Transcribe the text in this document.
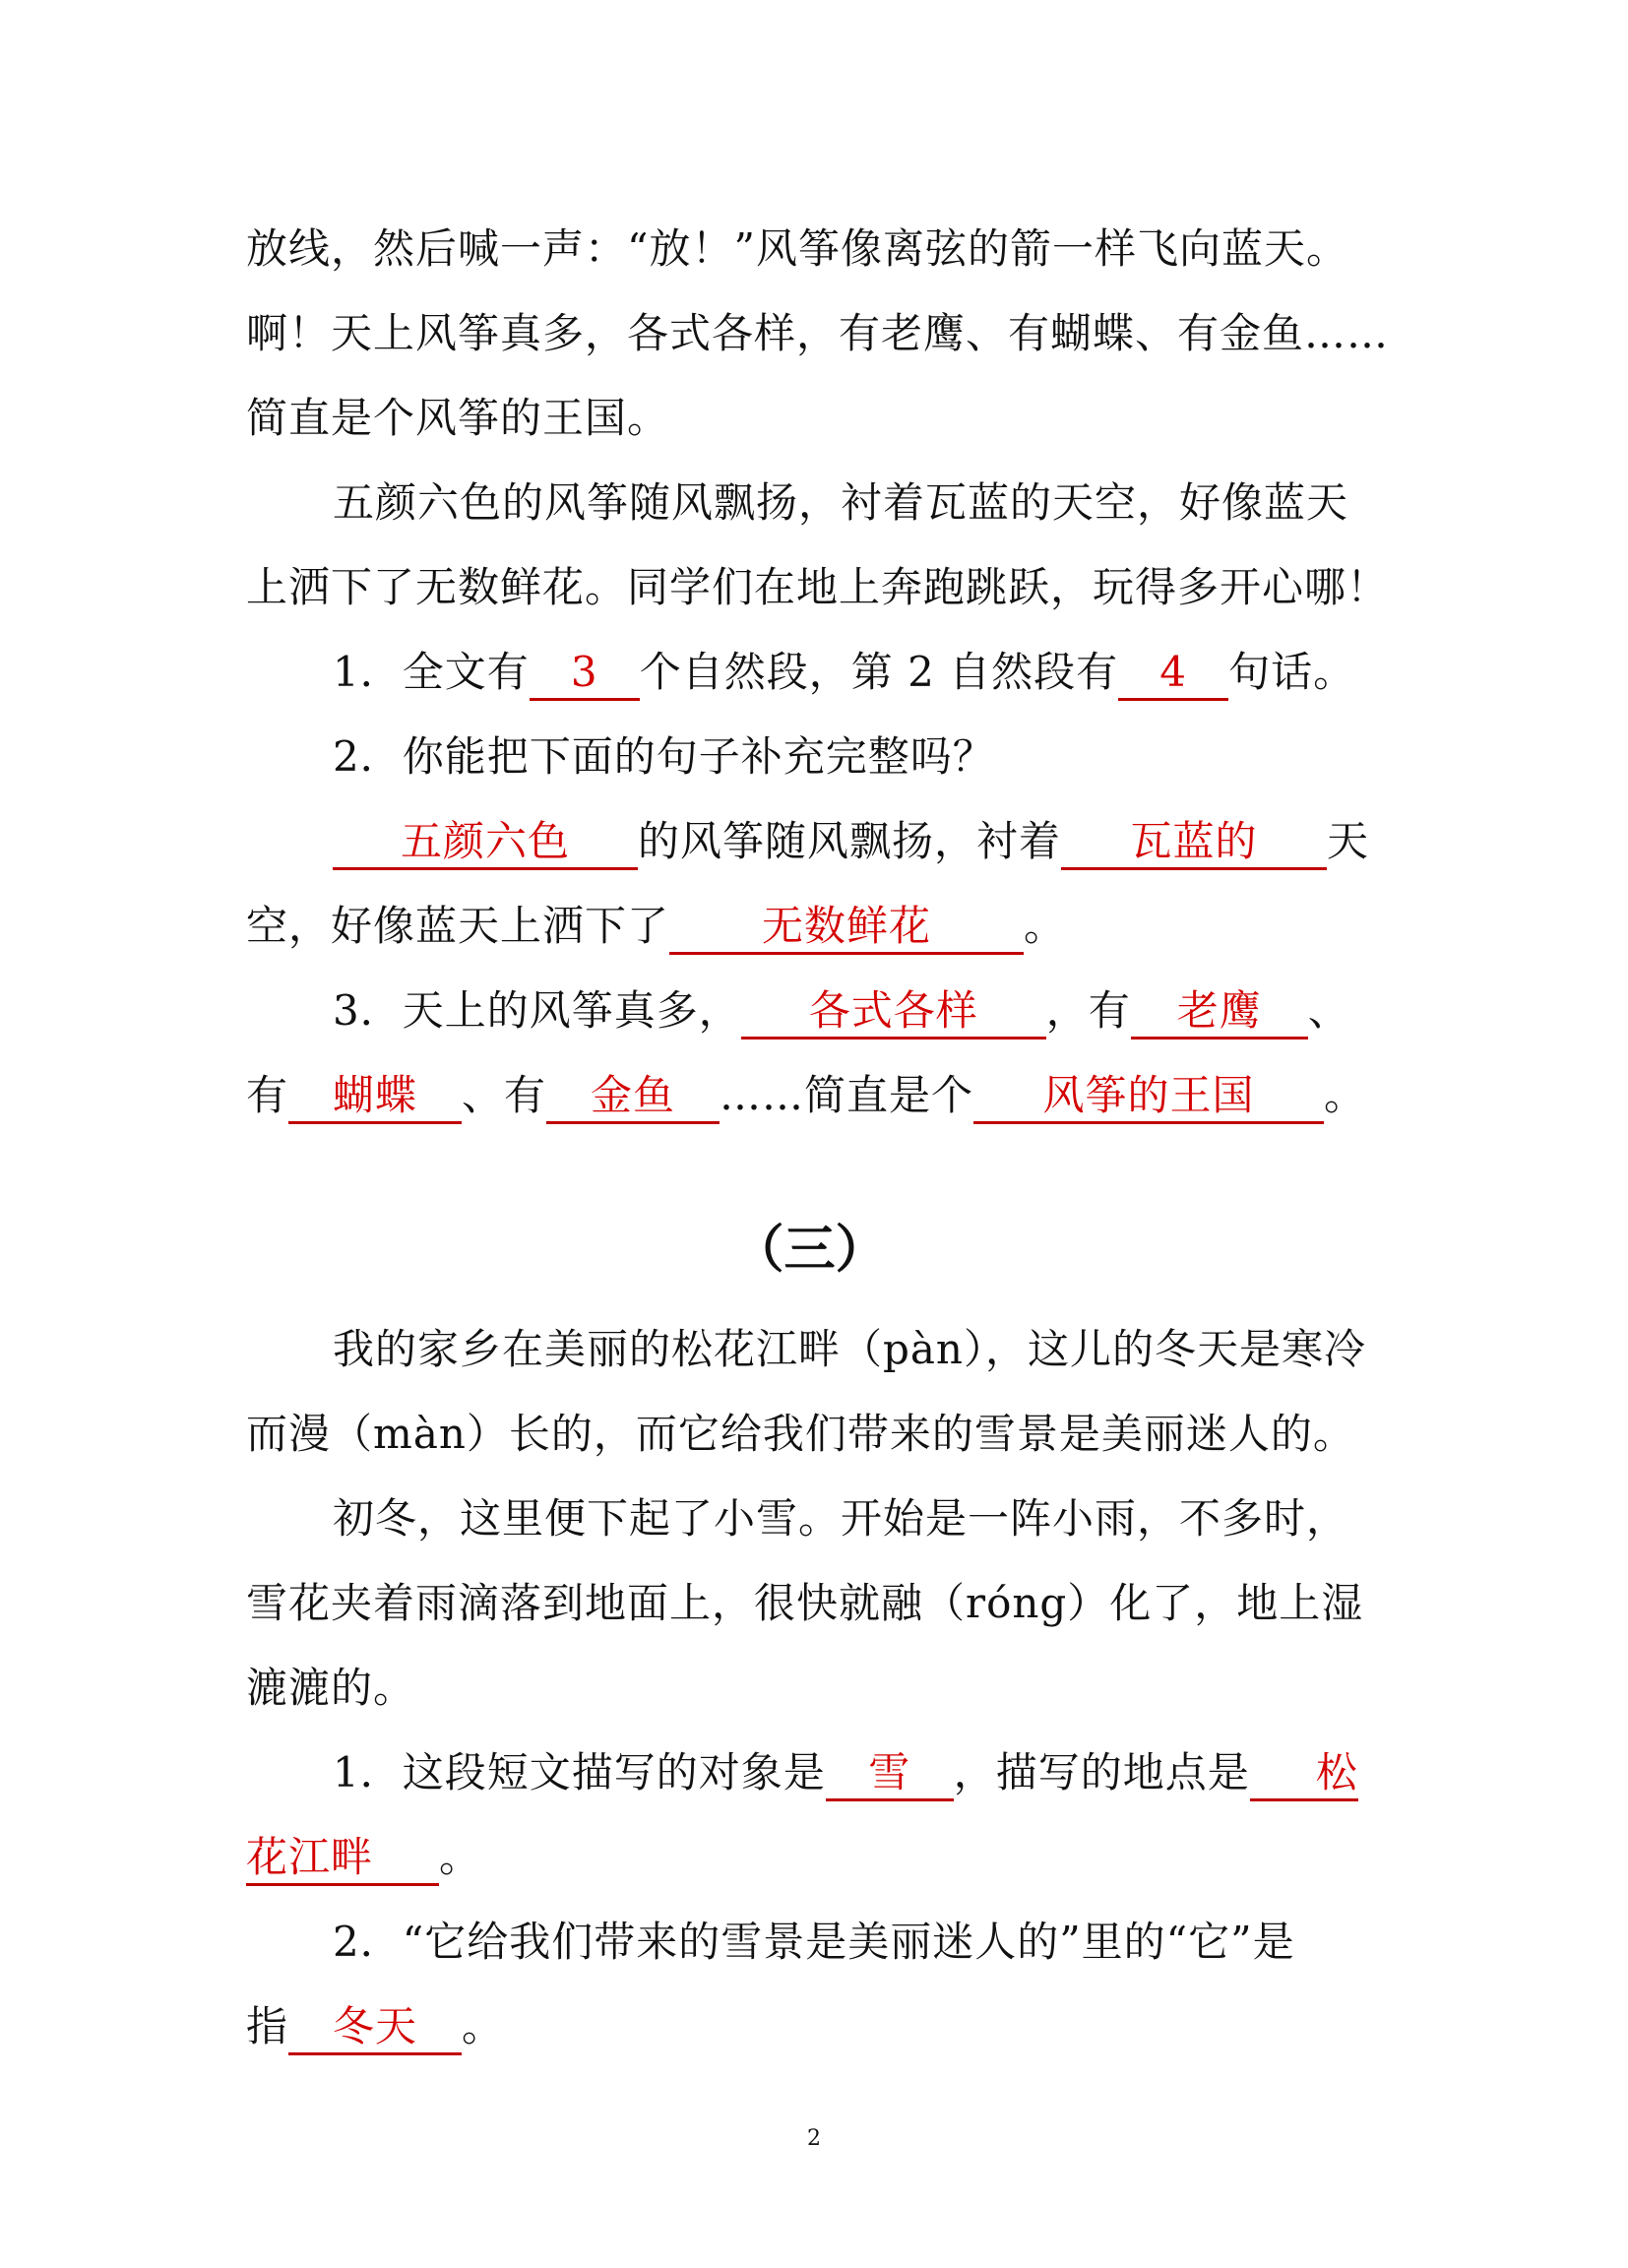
放线，然后喊一声：“放！”风筝像离弦的箭一样飞向蓝天。
啊！天上风筝真多，各式各样，有老鹰、有蝴蝶、有金鱼……
简直是个风筝的王国。
五颜六色的风筝随风飘扬，衬着瓦蓝的天空，好像蓝天
上洒下了无数鲜花。同学们在地上奔跑跳跃，玩得多开心哪！
1．全文有 3 个自然段，第 2 自然段有 4 句话。
2．你能把下面的句子补充完整吗？
五颜六色 的风筝随风飘扬，衬着 瓦蓝的 天
空，好像蓝天上洒下了 无数鲜花 。
3．天上的风筝真多， 各式各样 ，有 老鹰 、
有 蝴蝶 、有 金鱼 ……简直是个 风筝的王国 。
（三）
我的家乡在美丽的松花江畔（pàn），这儿的冬天是寒冷
而漫（màn）长的，而它给我们带来的雪景是美丽迷人的。
初冬，这里便下起了小雪。开始是一阵小雨，不多时，
雪花夹着雨滴落到地面上，很快就融（róng）化了，地上湿
漉漉的。
1．这段短文描写的对象是 雪 ，描写的地点是 松
花江畔 。
2．“它给我们带来的雪景是美丽迷人的”里的“它”是
指 冬天 。
2
